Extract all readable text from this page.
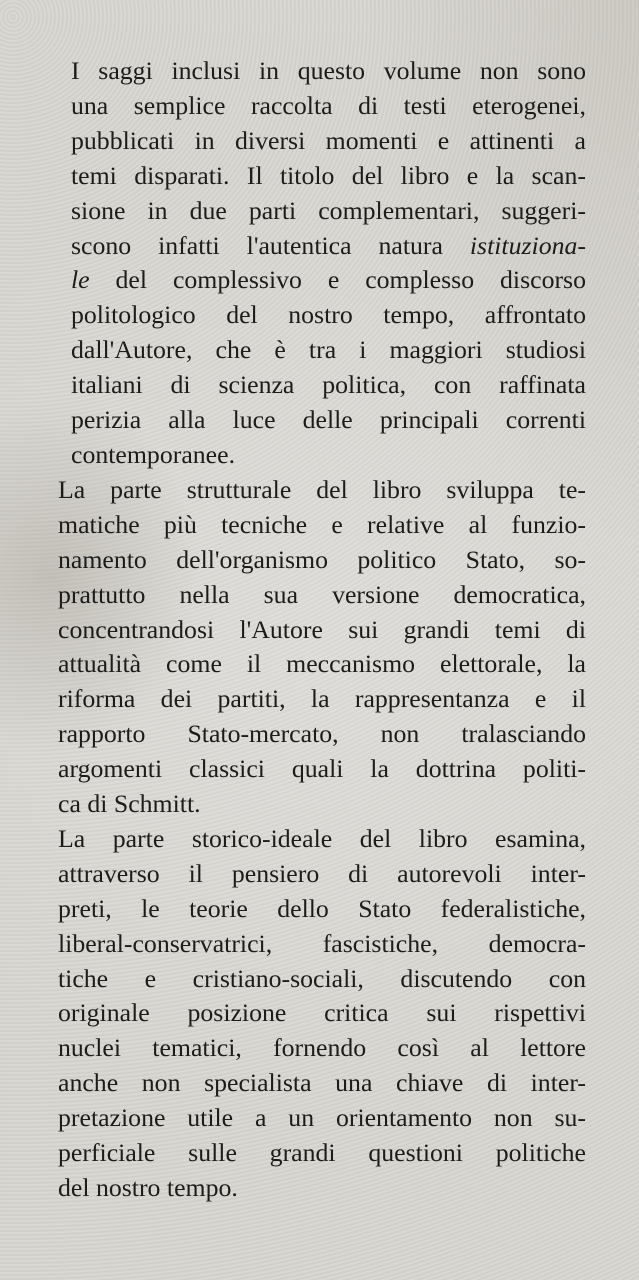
I saggi inclusi in questo volume non sono
una semplice raccolta di testi eterogenei,
pubblicati in diversi momenti e attinenti a
temi disparati. Il titolo del libro e la scan-
sione in due parti complementari, suggeri-
scono infatti l'autentica natura istituziona-
le del complessivo e complesso discorso
politologico del nostro tempo, affrontato
dall'Autore, che è tra i maggiori studiosi
italiani di scienza politica, con raffinata
perizia alla luce delle principali correnti
contemporanee.
La parte strutturale del libro sviluppa te-
matiche più tecniche e relative al funzio-
namento dell'organismo politico Stato, so-
prattutto nella sua versione democratica,
concentrandosi l'Autore sui grandi temi di
attualità come il meccanismo elettorale, la
riforma dei partiti, la rappresentanza e il
rapporto Stato-mercato, non tralasciando
argomenti classici quali la dottrina politi-
ca di Schmitt.
La parte storico-ideale del libro esamina,
attraverso il pensiero di autorevoli inter-
preti, le teorie dello Stato federalistiche,
liberal-conservatrici, fascistiche, democra-
tiche e cristiano-sociali, discutendo con
originale posizione critica sui rispettivi
nuclei tematici, fornendo così al lettore
anche non specialista una chiave di inter-
pretazione utile a un orientamento non su-
perficiale sulle grandi questioni politiche
del nostro tempo.
